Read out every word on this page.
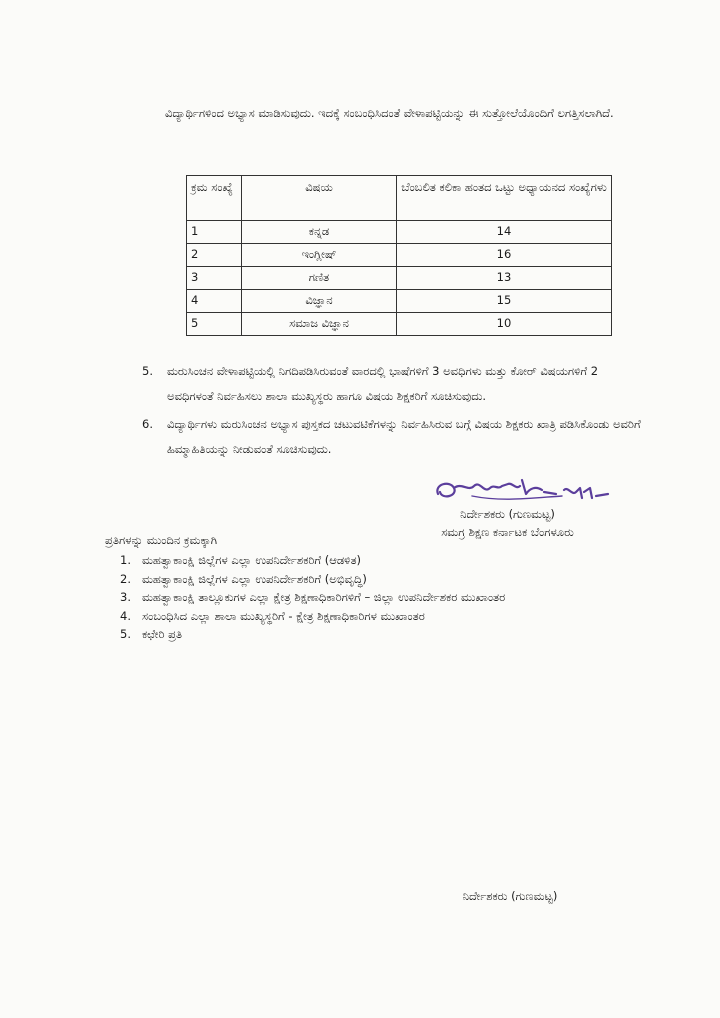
ವಿದ್ಯಾರ್ಥಿಗಳಿಂದ ಅಭ್ಯಾಸ ಮಾಡಿಸುವುದು. ಇದಕ್ಕೆ ಸಂಬಂಧಿಸಿದಂತೆ ವೇಳಾಪಟ್ಟಿಯನ್ನು ಈ ಸುತ್ತೋಲೆಯೊಂದಿಗೆ ಲಗತ್ತಿಸಲಾಗಿದೆ.
ಕ್ರಮ ಸಂಖ್ಯೆ	ವಿಷಯ	ಬೆಂಬಲಿತ ಕಲಿಕಾ ಹಂತದ ಒಟ್ಟು ಅಧ್ಯಾಯನದ ಸಂಖ್ಯೆಗಳು
1	ಕನ್ನಡ	14
2	ಇಂಗ್ಲೀಷ್	16
3	ಗಣಿತ	13
4	ವಿಜ್ಞಾನ	15
5	ಸಮಾಜ ವಿಜ್ಞಾನ	10
5.	ಮರುಸಿಂಚನ ವೇಳಾಪಟ್ಟಿಯಲ್ಲಿ ನಿಗದಿಪಡಿಸಿರುವಂತೆ ವಾರದಲ್ಲಿ ಭಾಷೆಗಳಿಗೆ 3 ಅವಧಿಗಳು ಮತ್ತು ಕೋರ್ ವಿಷಯಗಳಿಗೆ 2 ಅವಧಿಗಳಂತೆ ನಿರ್ವಹಿಸಲು ಶಾಲಾ ಮುಖ್ಯಸ್ಥರು ಹಾಗೂ ವಿಷಯ ಶಿಕ್ಷಕರಿಗೆ ಸೂಚಿಸುವುದು.
6.	ವಿದ್ಯಾರ್ಥಿಗಳು ಮರುಸಿಂಚನ ಅಭ್ಯಾಸ ಪುಸ್ತಕದ ಚಟುವಟಿಕೆಗಳನ್ನು ನಿರ್ವಹಿಸಿರುವ ಬಗ್ಗೆ ವಿಷಯ ಶಿಕ್ಷಕರು ಖಾತ್ರಿ ಪಡಿಸಿಕೊಂಡು ಅವರಿಗೆ ಹಿಮ್ಮಾಹಿತಿಯನ್ನು ನೀಡುವಂತೆ ಸೂಚಿಸುವುದು.
ನಿರ್ದೇಶಕರು (ಗುಣಮಟ್ಟ)
ಸಮಗ್ರ ಶಿಕ್ಷಣ ಕರ್ನಾಟಕ ಬೆಂಗಳೂರು
ಪ್ರತಿಗಳನ್ನು ಮುಂದಿನ ಕ್ರಮಕ್ಕಾಗಿ
1. ಮಹತ್ವಾಕಾಂಕ್ಷಿ ಜಿಲ್ಲೆಗಳ ಎಲ್ಲಾ ಉಪನಿರ್ದೇಶಕರಿಗೆ (ಆಡಳಿತ)
2. ಮಹತ್ವಾಕಾಂಕ್ಷಿ ಜಿಲ್ಲೆಗಳ ಎಲ್ಲಾ ಉಪನಿರ್ದೇಶಕರಿಗೆ (ಅಭಿವೃದ್ಧಿ)
3. ಮಹತ್ವಾಕಾಂಕ್ಷಿ ತಾಲ್ಲೂಕುಗಳ ಎಲ್ಲಾ ಕ್ಷೇತ್ರ ಶಿಕ್ಷಣಾಧಿಕಾರಿಗಳಿಗೆ – ಜಿಲ್ಲಾ ಉಪನಿರ್ದೇಶಕರ ಮುಖಾಂತರ
4. ಸಂಬಂಧಿಸಿದ ಎಲ್ಲಾ ಶಾಲಾ ಮುಖ್ಯಸ್ಥರಿಗೆ - ಕ್ಷೇತ್ರ ಶಿಕ್ಷಣಾಧಿಕಾರಿಗಳ ಮುಖಾಂತರ
5. ಕಛೇರಿ ಪ್ರತಿ
ನಿರ್ದೇಶಕರು (ಗುಣಮಟ್ಟ)
